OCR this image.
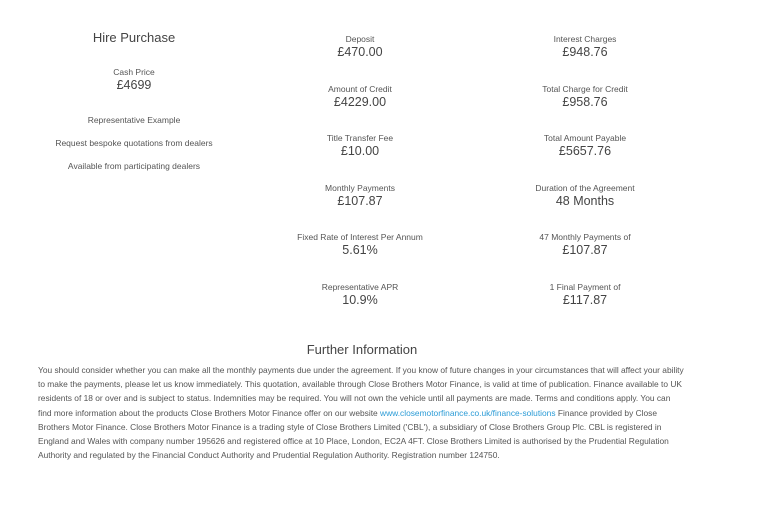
Hire Purchase
Cash Price
£4699
Representative Example
Request bespoke quotations from dealers
Available from participating dealers
Deposit
£470.00
Amount of Credit
£4229.00
Title Transfer Fee
£10.00
Monthly Payments
£107.87
Fixed Rate of Interest Per Annum
5.61%
Representative APR
10.9%
Interest Charges
£948.76
Total Charge for Credit
£958.76
Total Amount Payable
£5657.76
Duration of the Agreement
48 Months
47 Monthly Payments of
£107.87
1 Final Payment of
£117.87
Further Information

You should consider whether you can make all the monthly payments due under the agreement. If you know of future changes in your circumstances that will affect your ability to make the payments, please let us know immediately. This quotation, available through Close Brothers Motor Finance, is valid at time of publication. Finance available to UK residents of 18 or over and is subject to status. Indemnities may be required. You will not own the vehicle until all payments are made. Terms and conditions apply. You can find more information about the products Close Brothers Motor Finance offer on our website www.closemotorfinance.co.uk/finance-solutions Finance provided by Close Brothers Motor Finance. Close Brothers Motor Finance is a trading style of Close Brothers Limited ('CBL'), a subsidiary of Close Brothers Group Plc. CBL is registered in England and Wales with company number 195626 and registered office at 10 Place, London, EC2A 4FT. Close Brothers Limited is authorised by the Prudential Regulation Authority and regulated by the Financial Conduct Authority and Prudential Regulation Authority. Registration number 124750.
